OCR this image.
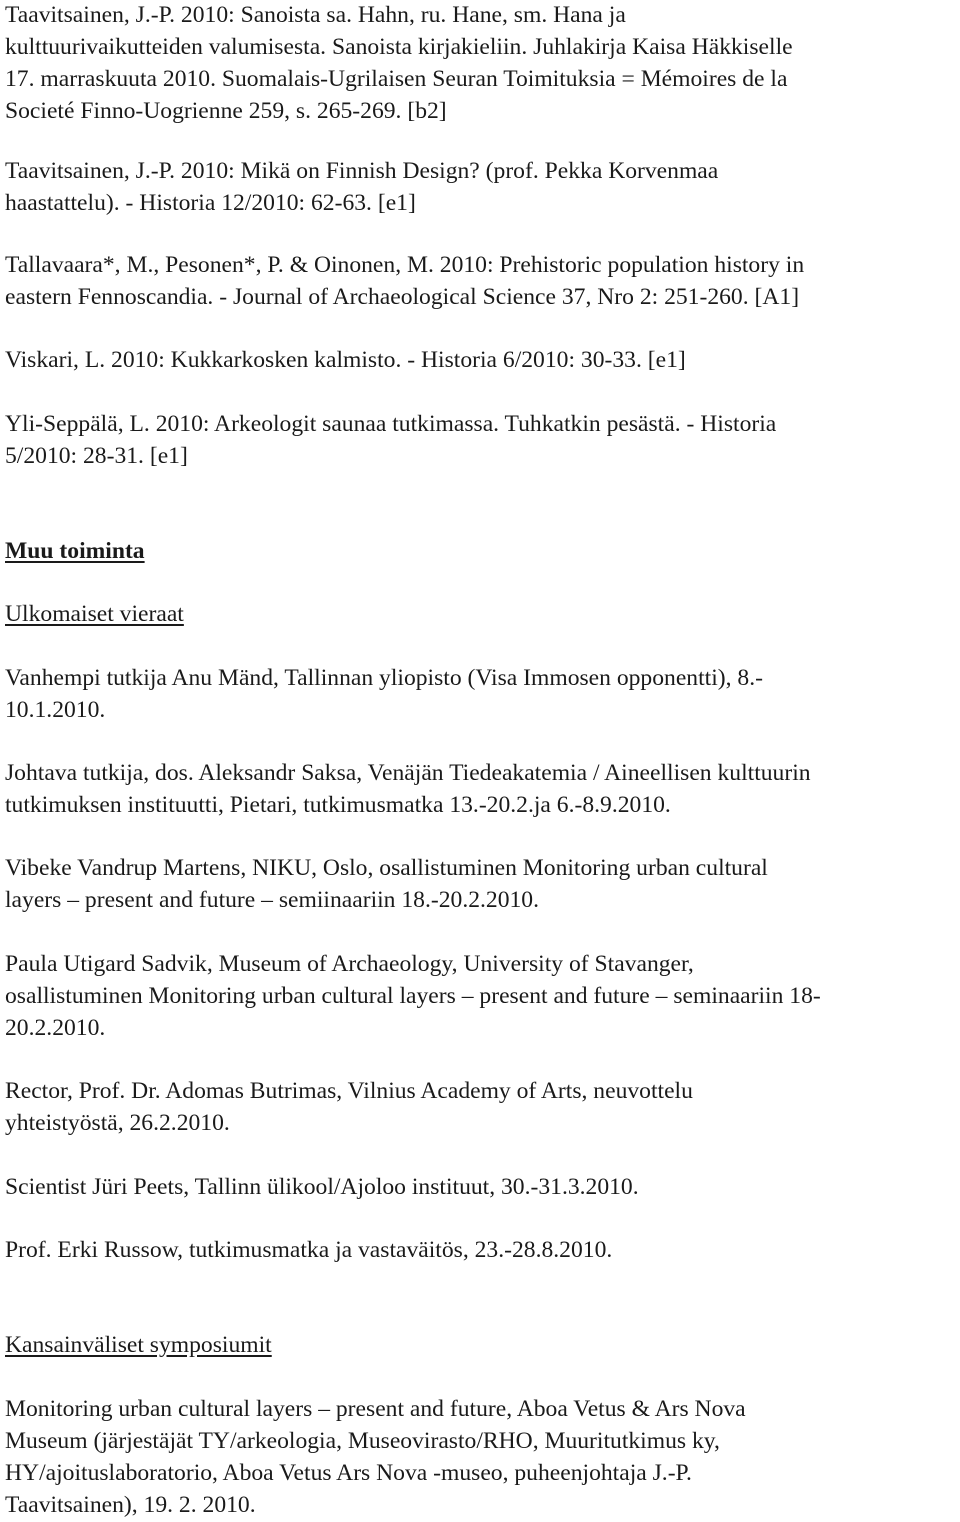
Taavitsainen, J.-P. 2010: Sanoista sa. Hahn, ru. Hane, sm. Hana ja
kulttuurivaikutteiden valumisesta. Sanoista kirjakieliin. Juhlakirja Kaisa Häkkiselle
17. marraskuuta 2010. Suomalais-Ugrilaisen Seuran Toimituksia = Mémoires de la
Societé Finno-Uogrienne 259, s. 265-269. [b2]

Taavitsainen, J.-P. 2010: Mikä on Finnish Design? (prof. Pekka Korvenmaa
haastattelu). - Historia 12/2010: 62-63. [e1]

Tallavaara*, M., Pesonen*, P. & Oinonen, M. 2010: Prehistoric population history in
eastern Fennoscandia. - Journal of Archaeological Science 37, Nro 2: 251-260. [A1]

Viskari, L. 2010: Kukkarkosken kalmisto. - Historia 6/2010: 30-33. [e1]

Yli-Seppälä, L. 2010: Arkeologit saunaa tutkimassa. Tuhkatkin pesästä. - Historia
5/2010: 28-31. [e1]

Muu toiminta

Ulkomaiset vieraat

Vanhempi tutkija Anu Mänd, Tallinnan yliopisto (Visa Immosen opponentti), 8.-
10.1.2010.

Johtava tutkija, dos. Aleksandr Saksa, Venäjän Tiedeakatemia / Aineellisen kulttuurin
tutkimuksen instituutti, Pietari, tutkimusmatka 13.-20.2.ja 6.-8.9.2010.

Vibeke Vandrup Martens, NIKU, Oslo, osallistuminen Monitoring urban cultural
layers – present and future – semiinaariin 18.-20.2.2010.

Paula Utigard Sadvik, Museum of Archaeology, University of Stavanger,
osallistuminen Monitoring urban cultural layers – present and future – seminaariin 18-
20.2.2010.

Rector, Prof. Dr. Adomas Butrimas, Vilnius Academy of Arts, neuvottelu
yhteistyöstä, 26.2.2010.

Scientist Jüri Peets, Tallinn ülikool/Ajoloo instituut, 30.-31.3.2010.

Prof. Erki Russow, tutkimusmatka ja vastaväitös, 23.-28.8.2010.

Kansainväliset symposiumit

Monitoring urban cultural layers – present and future, Aboa Vetus & Ars Nova
Museum (järjestäjät TY/arkeologia, Museovirasto/RHO, Muuritutkimus ky,
HY/ajoituslaboratorio, Aboa Vetus Ars Nova -museo, puheenjohtaja J.-P.
Taavitsainen), 19. 2. 2010.
